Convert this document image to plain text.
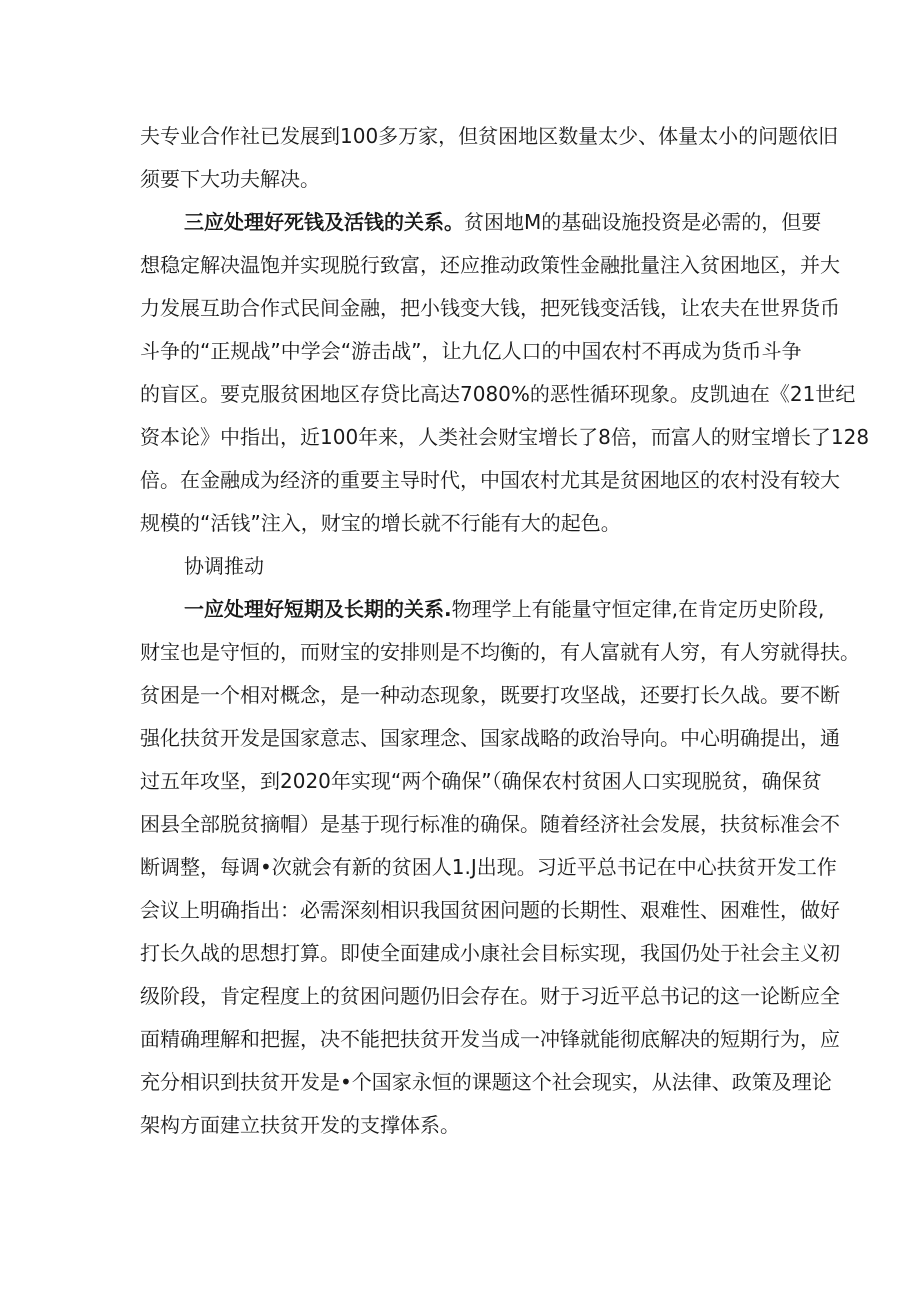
夫专业合作社已发展到100多万家，但贫困地区数量太少、体量太小的问题依旧
须要下大功夫解决。
三应处理好死钱及活钱的关系。贫困地M的基础设施投资是必需的，但要
想稳定解决温饱并实现脱行致富，还应推动政策性金融批量注入贫困地区，并大
力发展互助合作式民间金融，把小钱变大钱，把死钱变活钱，让农夫在世界货币
斗争的“正规战”中学会“游击战”，让九亿人口的中国农村不再成为货币斗争
的盲区。要克服贫困地区存贷比高达7080%的恶性循环现象。皮凯迪在《21世纪
资本论》中指出，近100年来，人类社会财宝增长了8倍，而富人的财宝增长了128
倍。在金融成为经济的重要主导时代，中国农村尤其是贫困地区的农村没有较大
规模的“活钱”注入，财宝的增长就不行能有大的起色。
协调推动
一应处理好短期及长期的关系.物理学上有能量守恒定律,在肯定历史阶段,
财宝也是守恒的，而财宝的安排则是不均衡的，有人富就有人穷，有人穷就得扶。
贫困是一个相对概念，是一种动态现象，既要打攻坚战，还要打长久战。要不断
强化扶贫开发是国家意志、国家理念、国家战略的政治导向。中心明确提出，通
过五年攻坚，到2020年实现“两个确保”（确保农村贫困人口实现脱贫，确保贫
困县全部脱贫摘帽）是基于现行标准的确保。随着经济社会发展，扶贫标准会不
断调整，每调•次就会有新的贫困人1.J出现。习近平总书记在中心扶贫开发工作
会议上明确指出：必需深刻相识我国贫困问题的长期性、艰难性、困难性，做好
打长久战的思想打算。即使全面建成小康社会目标实现，我国仍处于社会主义初
级阶段，肯定程度上的贫困问题仍旧会存在。财于习近平总书记的这一论断应全
面精确理解和把握，决不能把扶贫开发当成一冲锋就能彻底解决的短期行为，应
充分相识到扶贫开发是•个国家永恒的课题这个社会现实，从法律、政策及理论
架构方面建立扶贫开发的支撑体系。
